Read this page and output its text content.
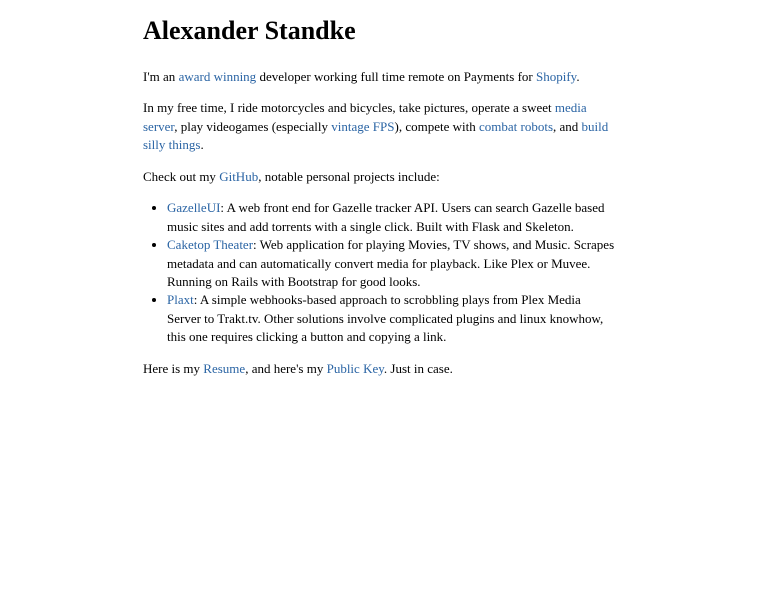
Alexander Standke

I'm an award winning developer working full time remote on Payments for Shopify.

In my free time, I ride motorcycles and bicycles, take pictures, operate a sweet media server, play videogames (especially vintage FPS), compete with combat robots, and build silly things.

Check out my GitHub, notable personal projects include:

• GazelleUI: A web front end for Gazelle tracker API. Users can search Gazelle based music sites and add torrents with a single click. Built with Flask and Skeleton.
• Caketop Theater: Web application for playing Movies, TV shows, and Music. Scrapes metadata and can automatically convert media for playback. Like Plex or Muvee. Running on Rails with Bootstrap for good looks.
• Plaxt: A simple webhooks-based approach to scrobbling plays from Plex Media Server to Trakt.tv. Other solutions involve complicated plugins and linux knowhow, this one requires clicking a button and copying a link.

Here is my Resume, and here's my Public Key. Just in case.
